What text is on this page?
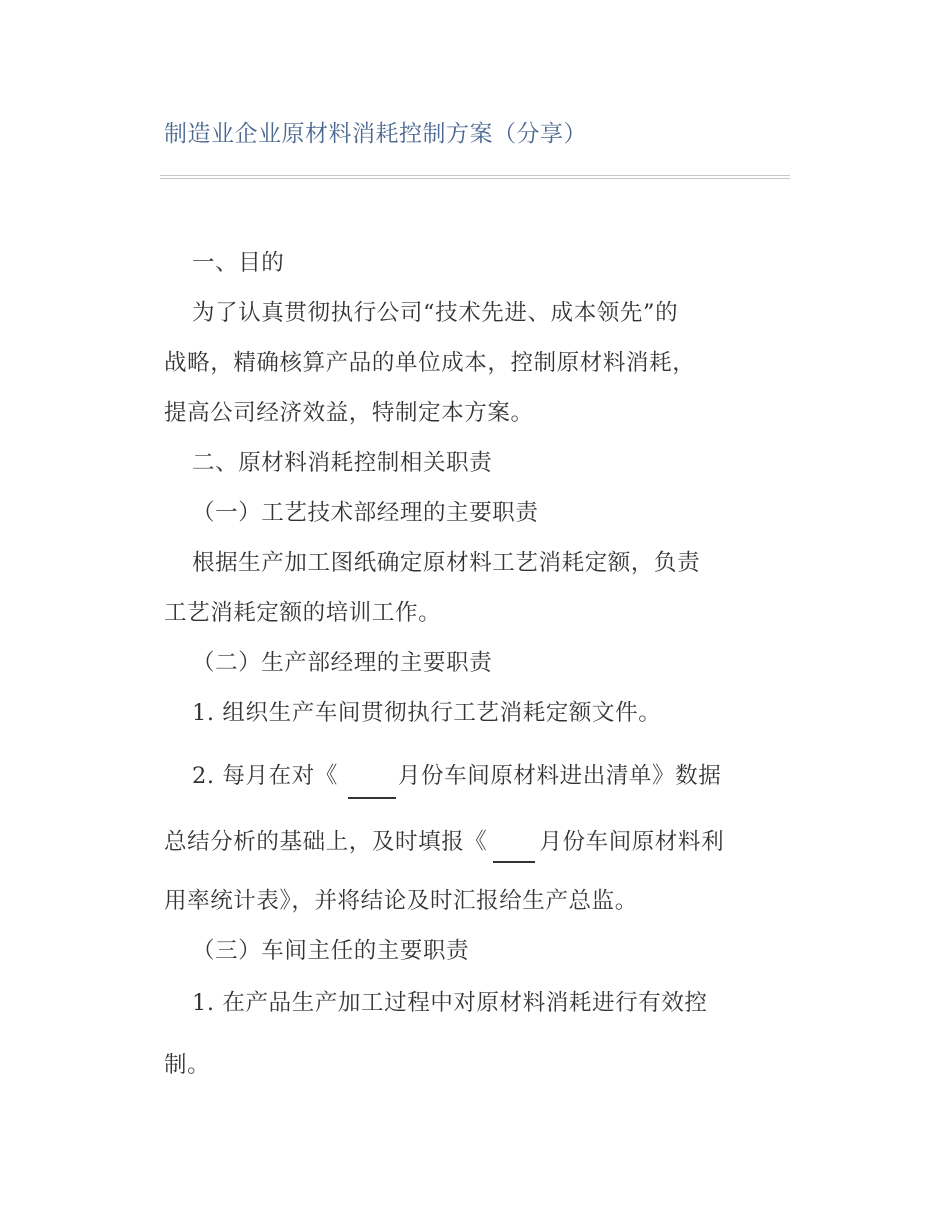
制造业企业原材料消耗控制方案（分享）
一、目的
为了认真贯彻执行公司“技术先进、成本领先”的
战略，精确核算产品的单位成本，控制原材料消耗，
提高公司经济效益，特制定本方案。
二、原材料消耗控制相关职责
（一）工艺技术部经理的主要职责
根据生产加工图纸确定原材料工艺消耗定额，负责
工艺消耗定额的培训工作。
（二）生产部经理的主要职责
1. 组织生产车间贯彻执行工艺消耗定额文件。
2. 每月在对《	月份车间原材料进出清单》数据
总结分析的基础上，及时填报《 月份车间原材料利
用率统计表》，并将结论及时汇报给生产总监。
（三）车间主任的主要职责
1. 在产品生产加工过程中对原材料消耗进行有效控
制。
